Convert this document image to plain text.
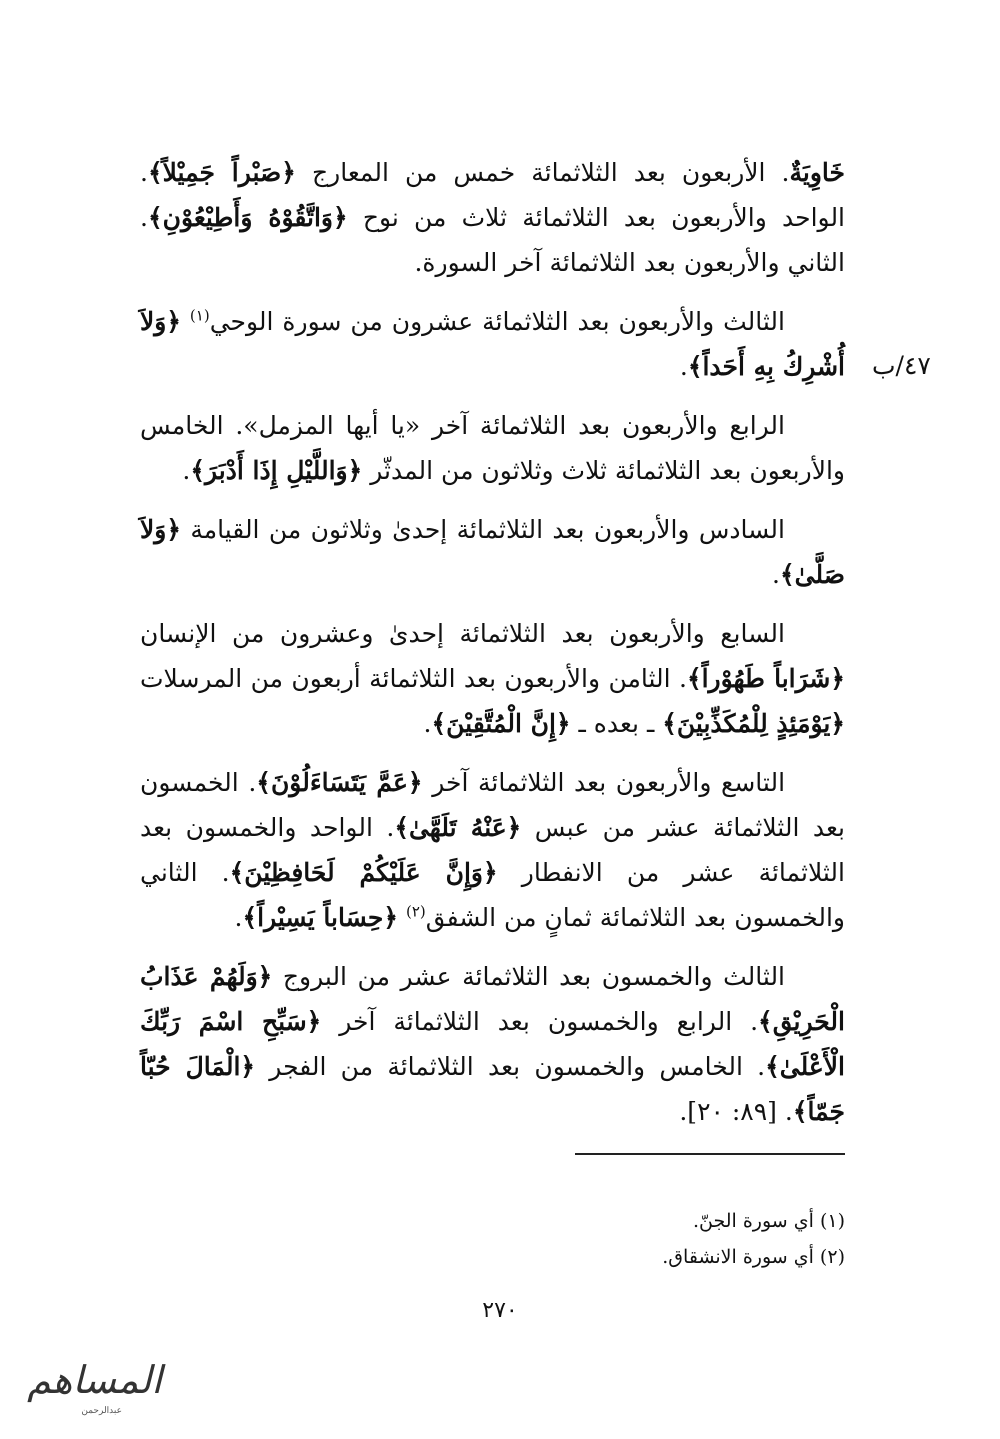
خَاوِيَةٌ. الأربعون بعد الثلاثمائة خمس من المعارج ﴿صَبْراً جَمِيْلاً﴾. الواحد والأربعون بعد الثلاثمائة ثلاث من نوح ﴿وَاتَّقُوْهُ وَأَطِيْعُوْنِ﴾. الثاني والأربعون بعد الثلاثمائة آخر السورة.

الثالث والأربعون بعد الثلاثمائة عشرون من سورة الوحي$^{(١)}$ ﴿وَلاَ أُشْرِكُ بِهِ أَحَداً﴾.

الرابع والأربعون بعد الثلاثمائة آخر «يا أيها المزمل». الخامس والأربعون بعد الثلاثمائة ثلاث وثلاثون من المدثّر ﴿وَاللَّيْلِ إِذَا أَدْبَرَ﴾.

السادس والأربعون بعد الثلاثمائة إحدىٰ وثلاثون من القيامة ﴿وَلاَ صَلَّىٰ﴾.

السابع والأربعون بعد الثلاثمائة إحدىٰ وعشرون من الإنسان ﴿شَرَاباً طَهُوْراً﴾. الثامن والأربعون بعد الثلاثمائة أربعون من المرسلات ﴿يَوْمَئِذٍ لِلْمُكَذِّبِيْنَ﴾ ـ بعده ـ ﴿إِنَّ الْمُتَّقِيْنَ﴾.

التاسع والأربعون بعد الثلاثمائة آخر ﴿عَمَّ يَتَسَاءَلُوْنَ﴾. الخمسون بعد الثلاثمائة عشر من عبس ﴿عَنْهُ تَلَهَّىٰ﴾. الواحد والخمسون بعد الثلاثمائة عشر من الانفطار ﴿وَإِنَّ عَلَيْكُمْ لَحَافِظِيْنَ﴾. الثاني والخمسون بعد الثلاثمائة ثمانٍ من الشفق$^{(٢)}$ ﴿حِسَاباً يَسِيْراً﴾.

الثالث والخمسون بعد الثلاثمائة عشر من البروج ﴿وَلَهُمْ عَذَابُ الْحَرِيْقِ﴾. الرابع والخمسون بعد الثلاثمائة آخر ﴿سَبِّحِ اسْمَ رَبِّكَ الْأَعْلَىٰ﴾. الخامس والخمسون بعد الثلاثمائة من الفجر ﴿الْمَالَ حُبّاً جَمّاً﴾. [٨٩: ٢٠].

٤٧/ب

(١) أي سورة الجنّ.

(٢) أي سورة الانشقاق.

٢٧٠
المساهم
عبدالرحمن
